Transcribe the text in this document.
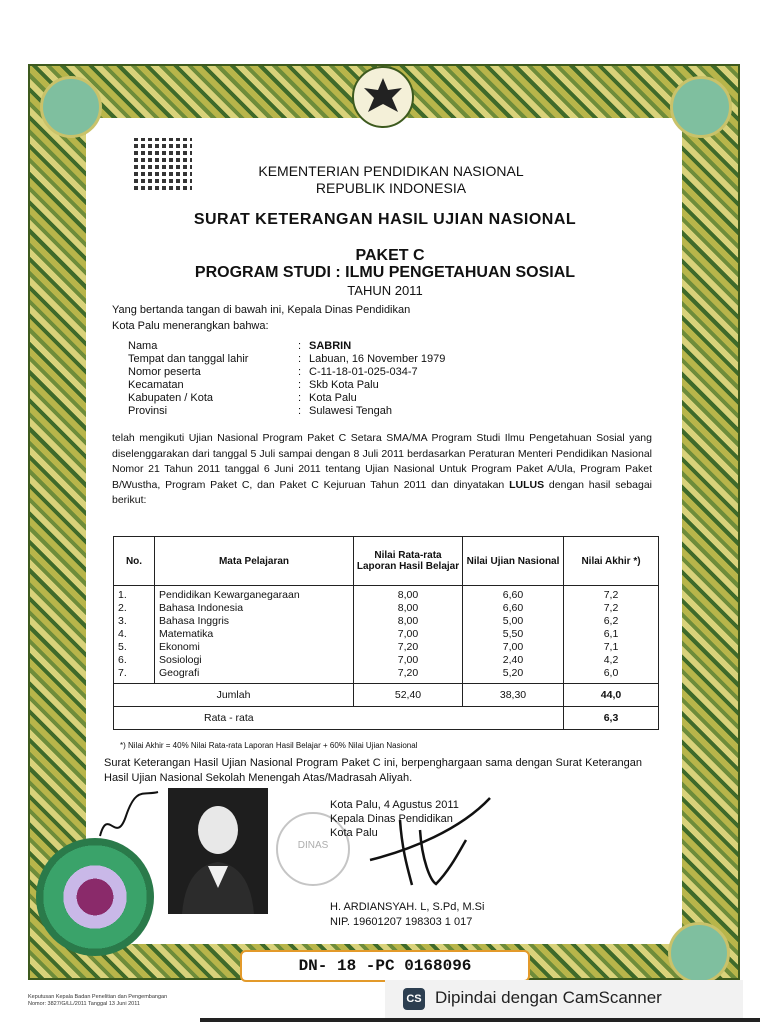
KEMENTERIAN PENDIDIKAN NASIONAL
REPUBLIK INDONESIA
SURAT KETERANGAN HASIL UJIAN NASIONAL
PAKET C
PROGRAM STUDI : ILMU PENGETAHUAN SOSIAL
TAHUN 2011
Yang bertanda tangan di bawah ini, Kepala Dinas Pendidikan
Kota Palu menerangkan bahwa:
Nama	: SABRIN
Tempat dan tanggal lahir	: Labuan, 16 November 1979
Nomor peserta	: C-11-18-01-025-034-7
Kecamatan	: Skb Kota Palu
Kabupaten / Kota	: Kota Palu
Provinsi	: Sulawesi Tengah
telah mengikuti Ujian Nasional Program Paket C Setara SMA/MA Program Studi Ilmu Pengetahuan Sosial yang diselenggarakan dari tanggal 5 Juli sampai dengan 8 Juli 2011 berdasarkan Peraturan Menteri Pendidikan Nasional Nomor 21 Tahun 2011 tanggal 6 Juni 2011 tentang Ujian Nasional Untuk Program Paket A/Ula, Program Paket B/Wustha, Program Paket C, dan Paket C Kejuruan Tahun 2011 dan dinyatakan LULUS dengan hasil sebagai berikut:
No.	Mata Pelajaran	Nilai Rata-rata Laporan Hasil Belajar	Nilai Ujian Nasional	Nilai Akhir *)
1.	Pendidikan Kewarganegaraan	8,00	6,60	7,2
2.	Bahasa Indonesia	8,00	6,60	7,2
3.	Bahasa Inggris	8,00	5,00	6,2
4.	Matematika	7,00	5,50	6,1
5.	Ekonomi	7,20	7,00	7,1
6.	Sosiologi	7,00	2,40	4,2
7.	Geografi	7,20	5,20	6,0
Jumlah		52,40	38,30	44,0
Rata - rata				6,3
*) Nilai Akhir = 40% Nilai Rata-rata Laporan Hasil Belajar + 60% Nilai Ujian Nasional
Surat Keterangan Hasil Ujian Nasional Program Paket C ini, berpenghargaan sama dengan Surat Keterangan Hasil Ujian Nasional Sekolah Menengah Atas/Madrasah Aliyah.
DINAS
Kota Palu, 4 Agustus 2011
Kepala Dinas Pendidikan
Kota Palu
H. ARDIANSYAH. L, S.Pd, M.Si
NIP. 19601207 198303 1 017
DN- 18 -PC 0168096
Keputusan Kepala Badan Penelitian dan Pengembangan
Nomor: 3827/G/LL/2011 Tanggal 13 Juni 2011	CS Dipindai dengan CamScanner
